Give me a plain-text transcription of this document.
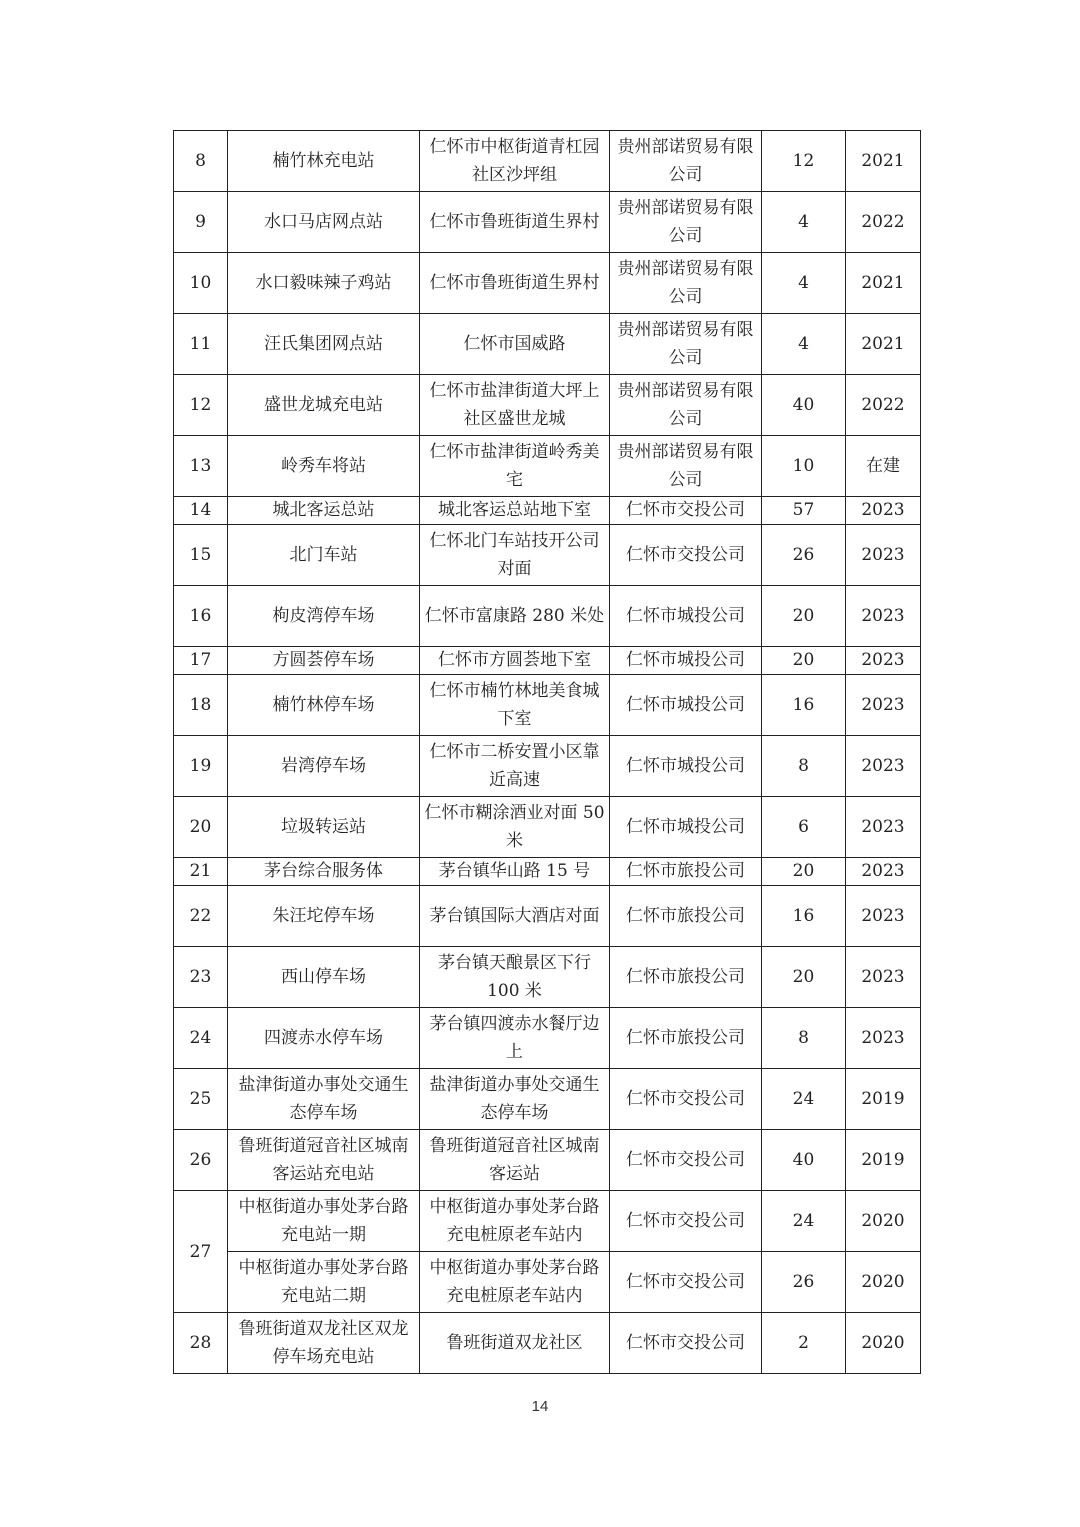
8	楠竹林充电站	仁怀市中枢街道青杠园社区沙坪组	贵州部诺贸易有限公司	12	2021
9	水口马店网点站	仁怀市鲁班街道生界村	贵州部诺贸易有限公司	4	2022
10	水口毅味辣子鸡站	仁怀市鲁班街道生界村	贵州部诺贸易有限公司	4	2021
11	汪氏集团网点站	仁怀市国威路	贵州部诺贸易有限公司	4	2021
12	盛世龙城充电站	仁怀市盐津街道大坪上社区盛世龙城	贵州部诺贸易有限公司	40	2022
13	岭秀车将站	仁怀市盐津街道岭秀美宅	贵州部诺贸易有限公司	10	在建
14	城北客运总站	城北客运总站地下室	仁怀市交投公司	57	2023
15	北门车站	仁怀北门车站技开公司对面	仁怀市交投公司	26	2023
16	枸皮湾停车场	仁怀市富康路 280 米处	仁怀市城投公司	20	2023
17	方圆荟停车场	仁怀市方圆荟地下室	仁怀市城投公司	20	2023
18	楠竹林停车场	仁怀市楠竹林地美食城下室	仁怀市城投公司	16	2023
19	岩湾停车场	仁怀市二桥安置小区靠近高速	仁怀市城投公司	8	2023
20	垃圾转运站	仁怀市糊涂酒业对面 50 米	仁怀市城投公司	6	2023
21	茅台综合服务体	茅台镇华山路 15 号	仁怀市旅投公司	20	2023
22	朱汪坨停车场	茅台镇国际大酒店对面	仁怀市旅投公司	16	2023
23	西山停车场	茅台镇天酿景区下行 100 米	仁怀市旅投公司	20	2023
24	四渡赤水停车场	茅台镇四渡赤水餐厅边上	仁怀市旅投公司	8	2023
25	盐津街道办事处交通生态停车场	盐津街道办事处交通生态停车场	仁怀市交投公司	24	2019
26	鲁班街道冠音社区城南客运站充电站	鲁班街道冠音社区城南客运站	仁怀市交投公司	40	2019
27	中枢街道办事处茅台路充电站一期	中枢街道办事处茅台路充电桩原老车站内	仁怀市交投公司	24	2020
	中枢街道办事处茅台路充电站二期	中枢街道办事处茅台路充电桩原老车站内	仁怀市交投公司	26	2020
28	鲁班街道双龙社区双龙停车场充电站	鲁班街道双龙社区	仁怀市交投公司	2	2020
14
